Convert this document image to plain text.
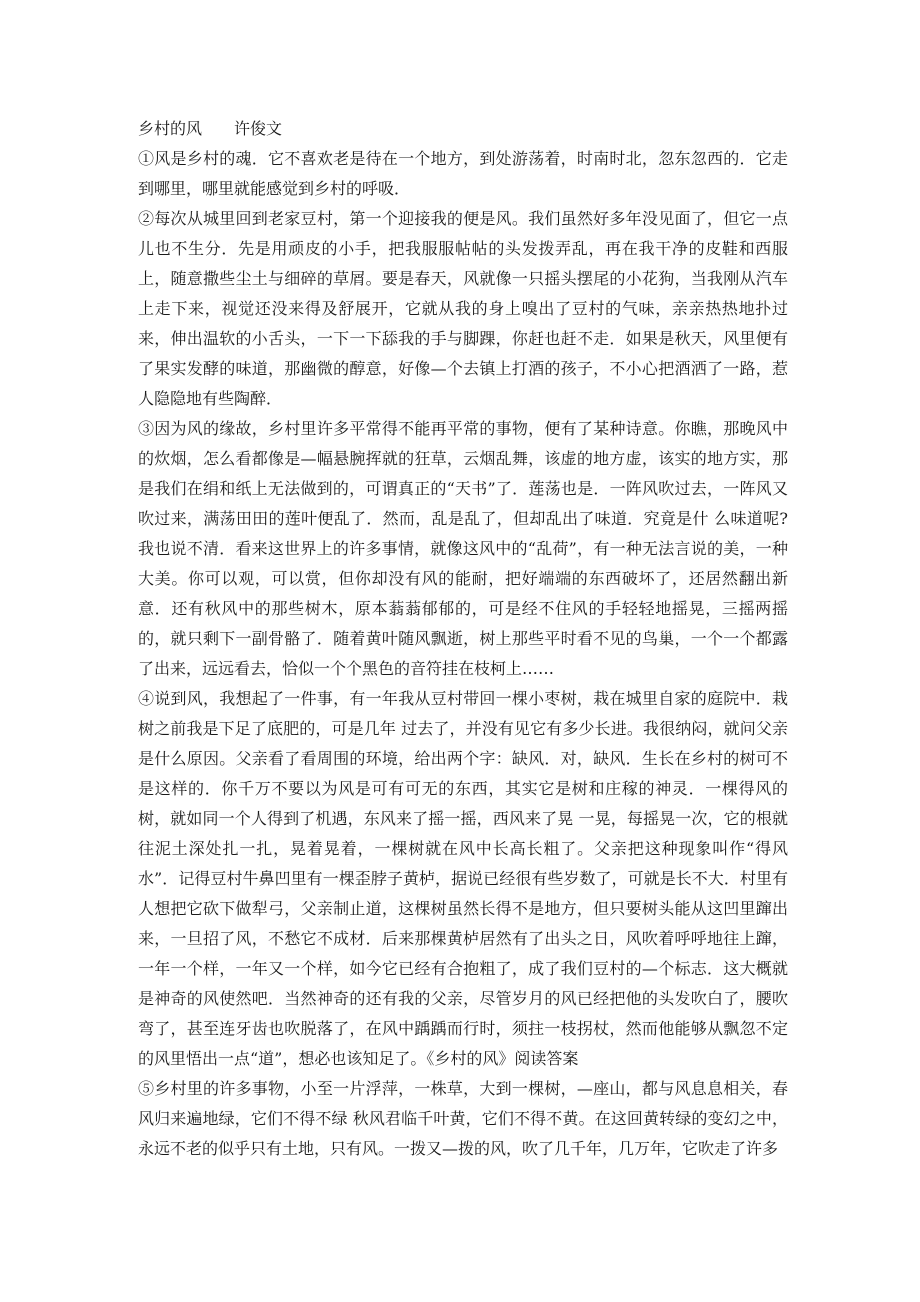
乡村的风 许俊文

①风是乡村的魂．它不喜欢老是待在一个地方，到处游荡着，时南时北，忽东忽西的．它走到哪里，哪里就能感觉到乡村的呼吸．

②每次从城里回到老家豆村，第一个迎接我的便是风。我们虽然好多年没见面了，但它一点儿也不生分．先是用顽皮的小手，把我服服帖帖的头发拨弄乱，再在我干净的皮鞋和西服上，随意撒些尘土与细碎的草屑。要是春天，风就像一只摇头摆尾的小花狗，当我刚从汽车上走下来，视觉还没来得及舒展开，它就从我的身上嗅出了豆村的气味，亲亲热热地扑过来，伸出温软的小舌头，一下一下舔我的手与脚踝，你赶也赶不走．如果是秋天，风里便有了果实发酵的味道，那幽微的醇意，好像—个去镇上打酒的孩子，不小心把酒洒了一路，惹人隐隐地有些陶醉．

③因为风的缘故，乡村里许多平常得不能再平常的事物，便有了某种诗意。你瞧，那晚风中的炊烟，怎么看都像是—幅悬腕挥就的狂草，云烟乱舞，该虚的地方虚，该实的地方实，那是我们在绢和纸上无法做到的，可谓真正的“天书”了．莲荡也是．一阵风吹过去，一阵风又吹过来，满荡田田的莲叶便乱了．然而，乱是乱了，但却乱出了味道．究竟是什 么味道呢?我也说不清．看来这世界上的许多事情，就像这风中的“乱荷”，有一种无法言说的美，一种大美。你可以观，可以赏，但你却没有风的能耐，把好端端的东西破坏了，还居然翻出新意．还有秋风中的那些树木，原本蓊蓊郁郁的，可是经不住风的手轻轻地摇晃，三摇两摇的，就只剩下一副骨骼了．随着黄叶随风飘逝，树上那些平时看不见的鸟巢，一个一个都露了出来，远远看去，恰似一个个黑色的音符挂在枝柯上……

④说到风，我想起了一件事，有一年我从豆村带回一棵小枣树，栽在城里自家的庭院中．栽树之前我是下足了底肥的，可是几年 过去了，并没有见它有多少长进。我很纳闷，就问父亲是什么原因。父亲看了看周围的环境，给出两个字：缺风．对，缺风．生长在乡村的树可不是这样的．你千万不要以为风是可有可无的东西，其实它是树和庄稼的神灵．一棵得风的树，就如同一个人得到了机遇，东风来了摇一摇，西风来了晃 一晃，每摇晃一次，它的根就往泥土深处扎一扎，晃着晃着，一棵树就在风中长高长粗了。父亲把这种现象叫作“得风水”．记得豆村牛鼻凹里有一棵歪脖子黄栌，据说已经很有些岁数了，可就是长不大．村里有人想把它砍下做犁弓，父亲制止道，这棵树虽然长得不是地方，但只要树头能从这凹里蹿出来，一旦招了风，不愁它不成材．后来那棵黄栌居然有了出头之日，风吹着呼呼地往上蹿，一年一个样，一年又一个样，如今它已经有合抱粗了，成了我们豆村的—个标志．这大概就是神奇的风使然吧．当然神奇的还有我的父亲，尽管岁月的风已经把他的头发吹白了，腰吹弯了，甚至连牙齿也吹脱落了，在风中踽踽而行时，须拄一枝拐杖，然而他能够从飘忽不定的风里悟出一点“道”，想必也该知足了。《乡村的风》阅读答案

⑤乡村里的许多事物，小至一片浮萍，一株草，大到一棵树，—座山，都与风息息相关，春风归来遍地绿，它们不得不绿 秋风君临千叶黄，它们不得不黄。在这回黄转绿的变幻之中，永远不老的似乎只有土地，只有风。一拨又—拨的风，吹了几千年，几万年，它吹走了许多
